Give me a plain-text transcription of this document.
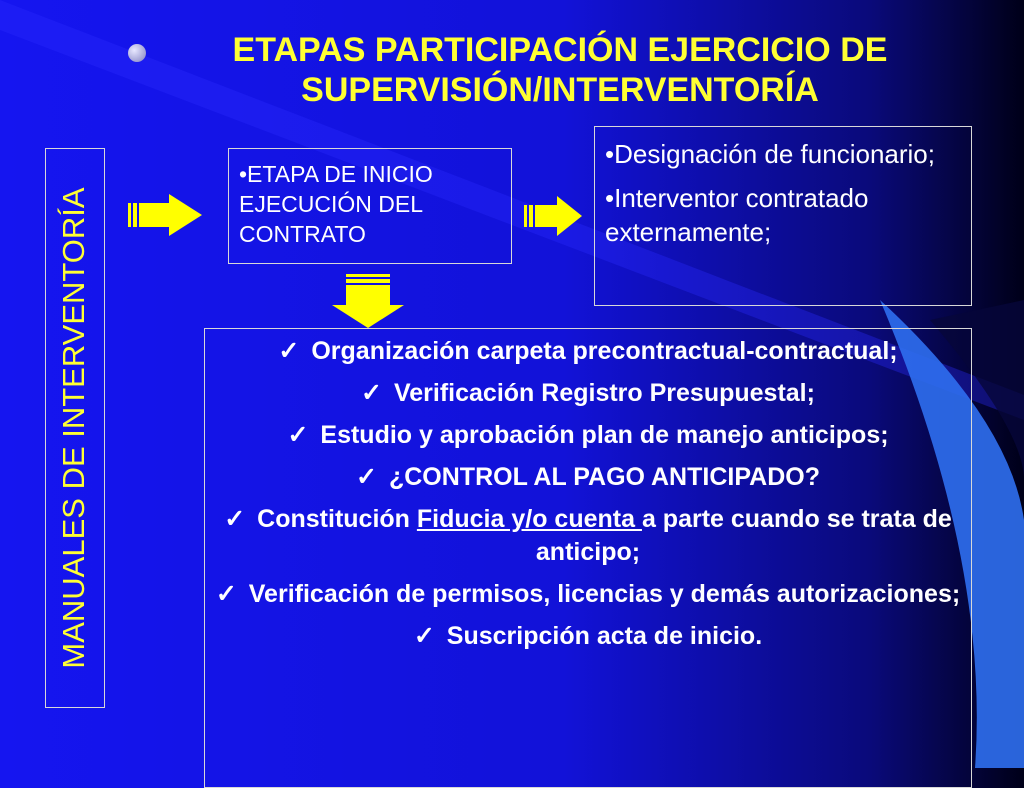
ETAPAS PARTICIPACIÓN EJERCICIO DE
SUPERVISIÓN/INTERVENTORÍA
MANUALES DE INTERVENTORÍA
•ETAPA DE INICIO
EJECUCIÓN DEL
CONTRATO

•Designación de funcionario;

•Interventor contratado externamente;

✓ Organización carpeta precontractual-contractual;

✓ Verificación Registro Presupuestal;

✓ Estudio y aprobación plan de manejo anticipos;

✓ ¿CONTROL AL PAGO ANTICIPADO?

✓ Constitución Fiducia y/o cuenta a parte cuando se trata de anticipo;

✓ Verificación de permisos, licencias y demás autorizaciones;

✓ Suscripción acta de inicio.
